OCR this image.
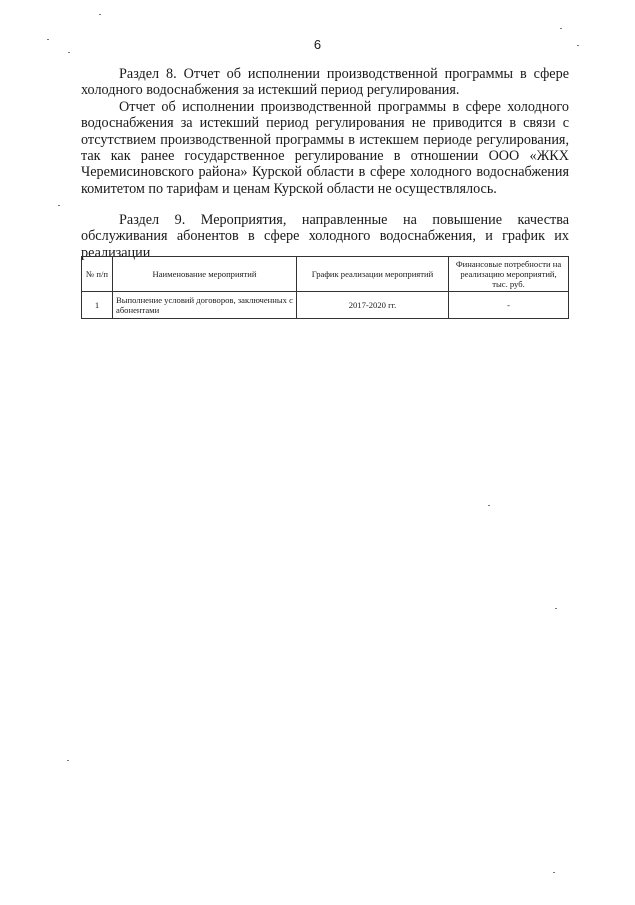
6

Раздел 8. Отчет об исполнении производственной программы в сфере холодного водоснабжения за истекший период регулирования.

Отчет об исполнении производственной программы в сфере холодного водоснабжения за истекший период регулирования не приводится в связи с отсутствием производственной программы в истекшем периоде регулирования, так как ранее государственное регулирование в отношении ООО «ЖКХ Черемисиновского района» Курской области в сфере холодного водоснабжения комитетом по тарифам и ценам Курской области не осуществлялось.

Раздел 9. Мероприятия, направленные на повышение качества обслуживания абонентов в сфере холодного водоснабжения, и график их реализации

№ п/п	Наименование мероприятий	График реализации мероприятий	Финансовые потребности на реализацию мероприятий, тыс. руб.
1	Выполнение условий договоров, заключенных с абонентами	2017-2020 гг.	-
